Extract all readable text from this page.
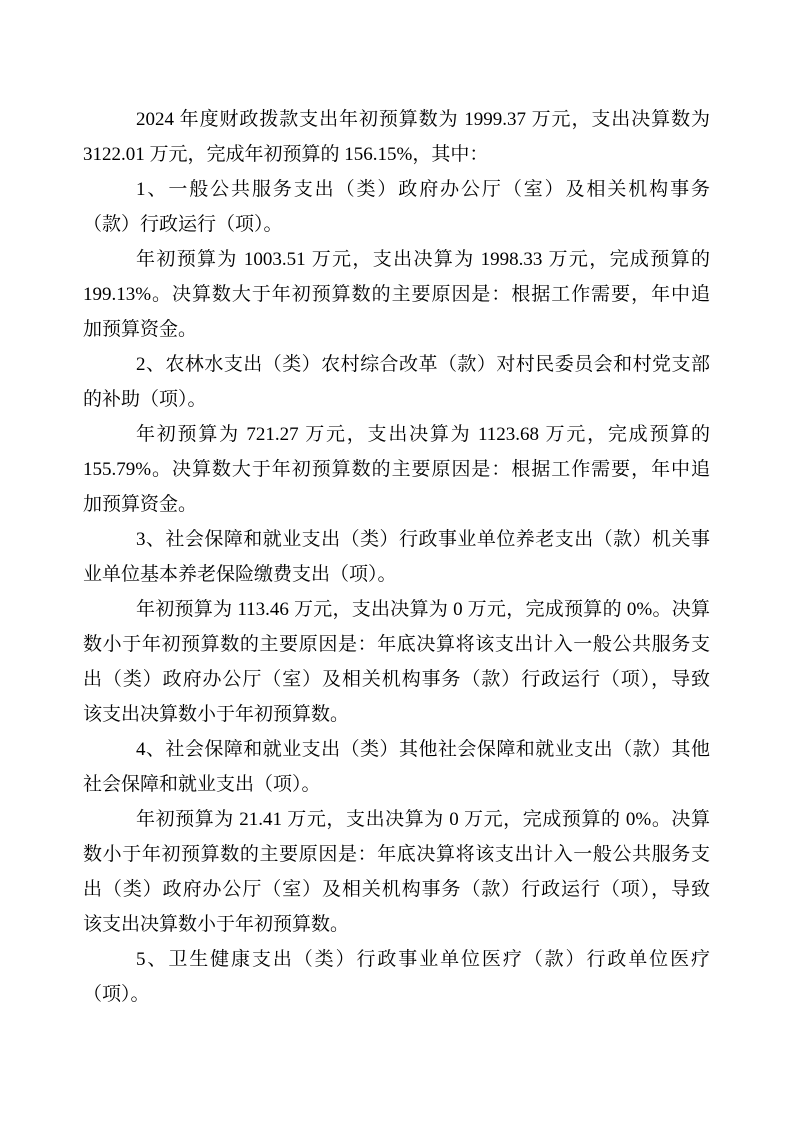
2024 年度财政拨款支出年初预算数为 1999.37 万元，支出决算数为
3122.01 万元，完成年初预算的 156.15%，其中：
1、一般公共服务支出（类）政府办公厅（室）及相关机构事务
（款）行政运行（项）。
年初预算为 1003.51 万元，支出决算为 1998.33 万元，完成预算的
199.13%。决算数大于年初预算数的主要原因是：根据工作需要，年中追
加预算资金。
2、农林水支出（类）农村综合改革（款）对村民委员会和村党支部
的补助（项）。
年初预算为 721.27 万元，支出决算为 1123.68 万元，完成预算的
155.79%。决算数大于年初预算数的主要原因是：根据工作需要，年中追
加预算资金。
3、社会保障和就业支出（类）行政事业单位养老支出（款）机关事
业单位基本养老保险缴费支出（项）。
年初预算为 113.46 万元，支出决算为 0 万元，完成预算的 0%。决算
数小于年初预算数的主要原因是：年底决算将该支出计入一般公共服务支
出（类）政府办公厅（室）及相关机构事务（款）行政运行（项），导致
该支出决算数小于年初预算数。
4、社会保障和就业支出（类）其他社会保障和就业支出（款）其他
社会保障和就业支出（项）。
年初预算为 21.41 万元，支出决算为 0 万元，完成预算的 0%。决算
数小于年初预算数的主要原因是：年底决算将该支出计入一般公共服务支
出（类）政府办公厅（室）及相关机构事务（款）行政运行（项），导致
该支出决算数小于年初预算数。
5、卫生健康支出（类）行政事业单位医疗（款）行政单位医疗
（项）。
